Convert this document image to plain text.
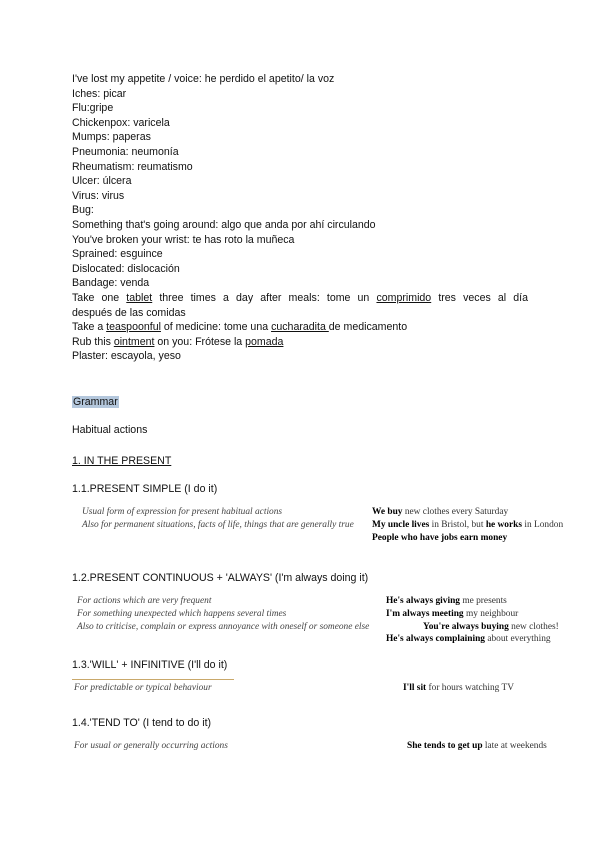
I've lost my appetite / voice: he perdido el apetito/ la voz
Iches: picar
Flu:gripe
Chickenpox: varicela
Mumps: paperas
Pneumonia: neumonía
Rheumatism: reumatismo
Ulcer: úlcera
Virus: virus
Bug:
Something that's going around: algo que anda por ahí circulando
You've broken your wrist: te has roto la muñeca
Sprained: esguince
Dislocated: dislocación
Bandage: venda
Take one tablet three times a day after meals: tome un comprimido tres veces al día
después de las comidas
Take a teaspoonful of medicine: tome una cucharadita de medicamento
Rub this ointment on you: Frótese la pomada
Plaster: escayola, yeso
Grammar
Habitual actions
1. IN THE PRESENT
1.1.PRESENT SIMPLE (I do it)
Usual form of expression for present habitual actions
Also for permanent situations, facts of life, things that are generally true
We buy new clothes every Saturday
My uncle lives in Bristol, but he works in London
People who have jobs earn money
1.2.PRESENT CONTINUOUS + 'ALWAYS' (I'm always doing it)
For actions which are very frequent
For something unexpected which happens several times
Also to criticise, complain or express annoyance with oneself or someone else
He's always giving me presents
I'm always meeting my neighbour
You're always buying new clothes!
He's always complaining about everything
1.3.'WILL' + INFINITIVE (I'll do it)
For predictable or typical behaviour	I'll sit for hours watching TV
1.4.'TEND TO' (I tend to do it)
For usual or generally occurring actions	She tends to get up late at weekends
